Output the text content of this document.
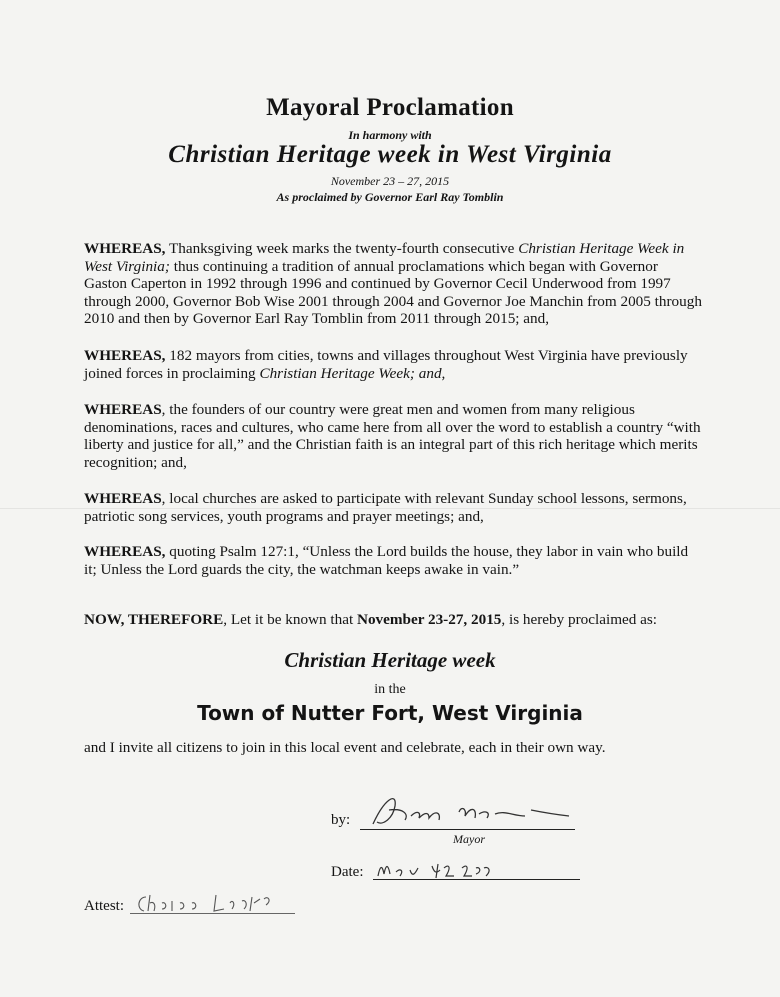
Mayoral Proclamation
In harmony with
Christian Heritage week in West Virginia
November 23 – 27, 2015
As proclaimed by Governor Earl Ray Tomblin

WHEREAS, Thanksgiving week marks the twenty-fourth consecutive Christian Heritage Week in West Virginia; thus continuing a tradition of annual proclamations which began with Governor Gaston Caperton in 1992 through 1996 and continued by Governor Cecil Underwood from 1997 through 2000, Governor Bob Wise 2001 through 2004 and Governor Joe Manchin from 2005 through 2010 and then by Governor Earl Ray Tomblin from 2011 through 2015; and,

WHEREAS, 182 mayors from cities, towns and villages throughout West Virginia have previously joined forces in proclaiming Christian Heritage Week; and,

WHEREAS, the founders of our country were great men and women from many religious denominations, races and cultures, who came here from all over the word to establish a country “with liberty and justice for all,” and the Christian faith is an integral part of this rich heritage which merits recognition; and,

WHEREAS, local churches are asked to participate with relevant Sunday school lessons, sermons, patriotic song services, youth programs and prayer meetings; and,

WHEREAS, quoting Psalm 127:1, “Unless the Lord builds the house, they labor in vain who build it; Unless the Lord guards the city, the watchman keeps awake in vain.”

NOW, THEREFORE, Let it be known that November 23-27, 2015, is hereby proclaimed as:

Christian Heritage week
in the
Town of Nutter Fort, West Virginia

and I invite all citizens to join in this local event and celebrate, each in their own way.

by:
Mayor
Date:
Attest:
